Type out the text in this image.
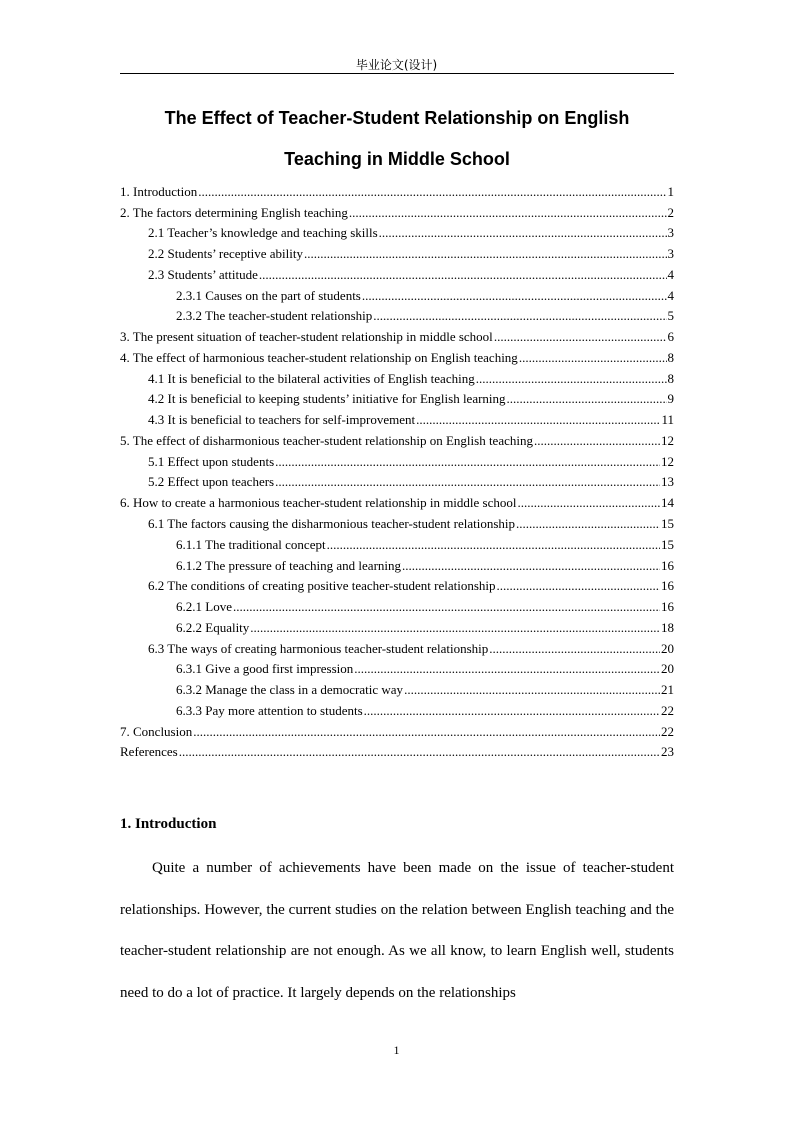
毕业论文(设计)
The Effect of Teacher-Student Relationship on English
Teaching in Middle School
1. Introduction .....	1
2. The factors determining English teaching .....	2
2.1 Teacher’s knowledge and teaching skills .....	3
2.2 Students’ receptive ability .....	3
2.3 Students’ attitude .....	4
2.3.1 Causes on the part of students .....	4
2.3.2 The teacher-student relationship .....	5
3. The present situation of teacher-student relationship in middle school .....	6
4. The effect of harmonious teacher-student relationship on English teaching .....	8
4.1 It is beneficial to the bilateral activities of English teaching .....	8
4.2 It is beneficial to keeping students’ initiative for English learning .....	9
4.3 It is beneficial to teachers for self-improvement .....	11
5. The effect of disharmonious teacher-student relationship on English teaching .....	12
5.1 Effect upon students .....	12
5.2 Effect upon teachers .....	13
6. How to create a harmonious teacher-student relationship in middle school .....	14
6.1 The factors causing the disharmonious teacher-student relationship .....	15
6.1.1 The traditional concept .....	15
6.1.2 The pressure of teaching and learning .....	16
6.2 The conditions of creating positive teacher-student relationship .....	16
6.2.1 Love .....	16
6.2.2 Equality .....	18
6.3 The ways of creating harmonious teacher-student relationship .....	20
6.3.1 Give a good first impression .....	20
6.3.2 Manage the class in a democratic way .....	21
6.3.3 Pay more attention to students .....	22
7. Conclusion .....	22
References .....	23
1. Introduction

Quite a number of achievements have been made on the issue of teacher-student relationships. However, the current studies on the relation between English teaching and the teacher-student relationship are not enough. As we all know, to learn English well, students need to do a lot of practice. It largely depends on the relationships

1
